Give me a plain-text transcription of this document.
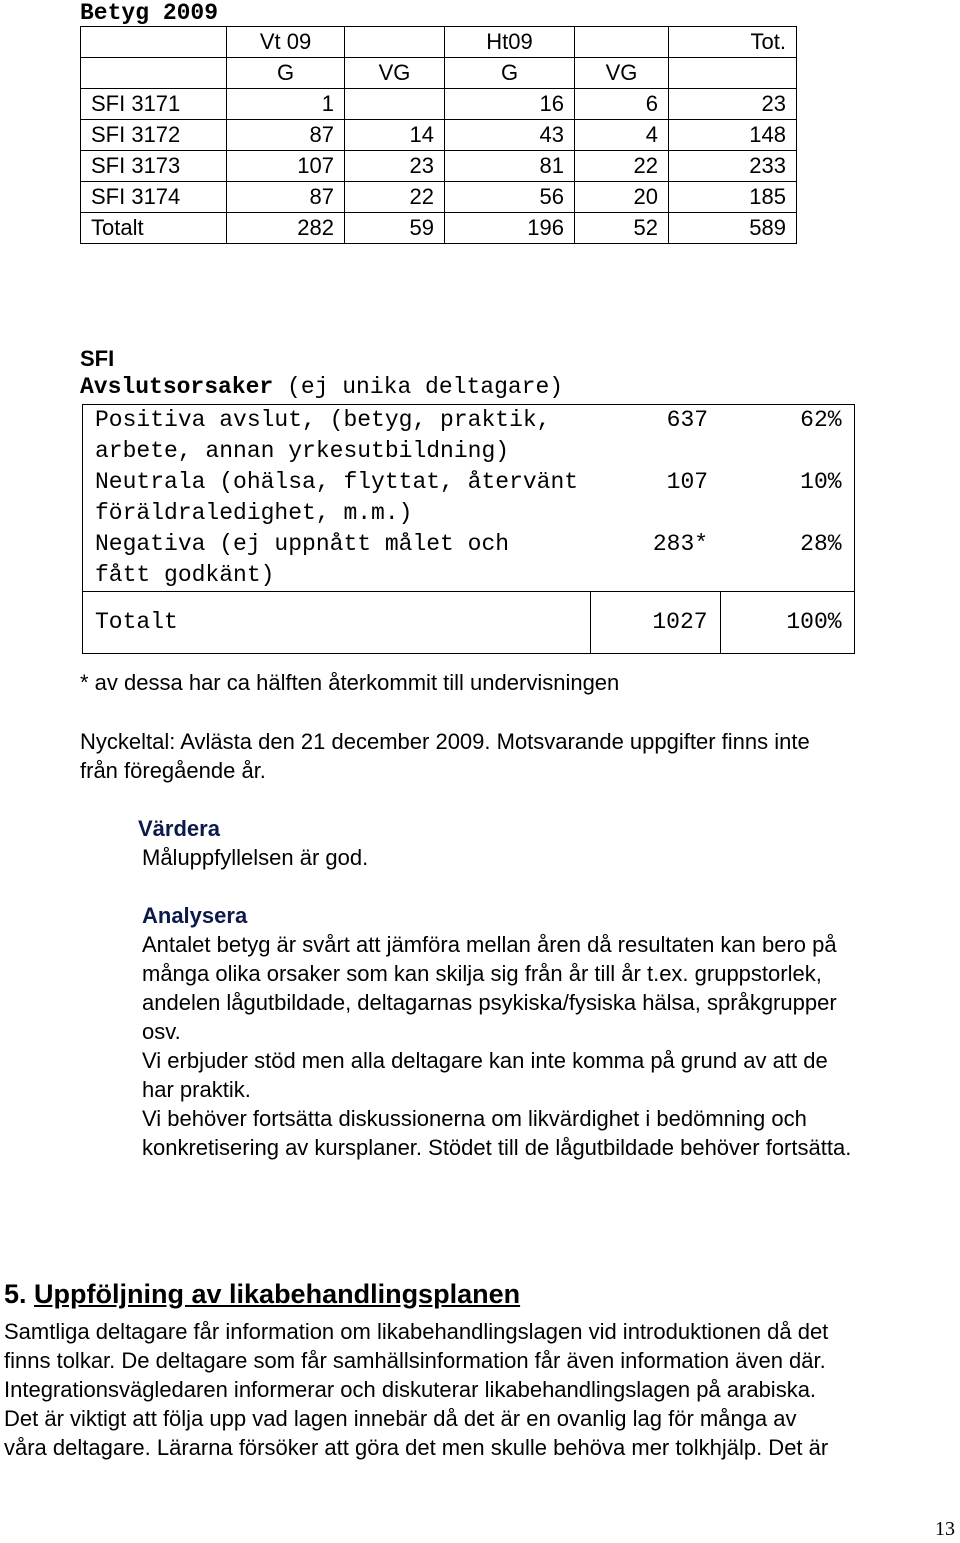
Betyg 2009
	Vt 09		Ht09		Tot.
	G	VG	G	VG	
SFI 3171	1		16	6	23
SFI 3172	87	14	43	4	148
SFI 3173	107	23	81	22	233
SFI 3174	87	22	56	20	185
Totalt	282	59	196	52	589
SFI
Avslutsorsaker (ej unika deltagare)
Positiva avslut, (betyg, praktik,
arbete, annan yrkesutbildning)	637	62%

Neutrala (ohälsa, flyttat, återvänt
föräldraledighet, m.m.)	107	10%

Negativa (ej uppnått målet och
fått godkänt)	283*	28%

Totalt	1027	100%
* av dessa har ca hälften återkommit till undervisningen
Nyckeltal: Avlästa den 21 december 2009. Motsvarande uppgifter finns inte
från föregående år.
Värdera
Måluppfyllelsen är god.
Analysera
Antalet betyg är svårt att jämföra mellan åren då resultaten kan bero på
många olika orsaker som kan skilja sig från år till år t.ex. gruppstorlek,
andelen lågutbildade, deltagarnas psykiska/fysiska hälsa, språkgrupper
osv.
Vi erbjuder stöd men alla deltagare kan inte komma på grund av att de
har praktik.
Vi behöver fortsätta diskussionerna om likvärdighet i bedömning och
konkretisering av kursplaner. Stödet till de lågutbildade behöver fortsätta.
5. Uppföljning av likabehandlingsplanen
Samtliga deltagare får information om likabehandlingslagen vid introduktionen då det
finns tolkar. De deltagare som får samhällsinformation får även information även där.
Integrationsvägledaren informerar och diskuterar likabehandlingslagen på arabiska.
Det är viktigt att följa upp vad lagen innebär då det är en ovanlig lag för många av
våra deltagare. Lärarna försöker att göra det men skulle behöva mer tolkhjälp. Det är
13
